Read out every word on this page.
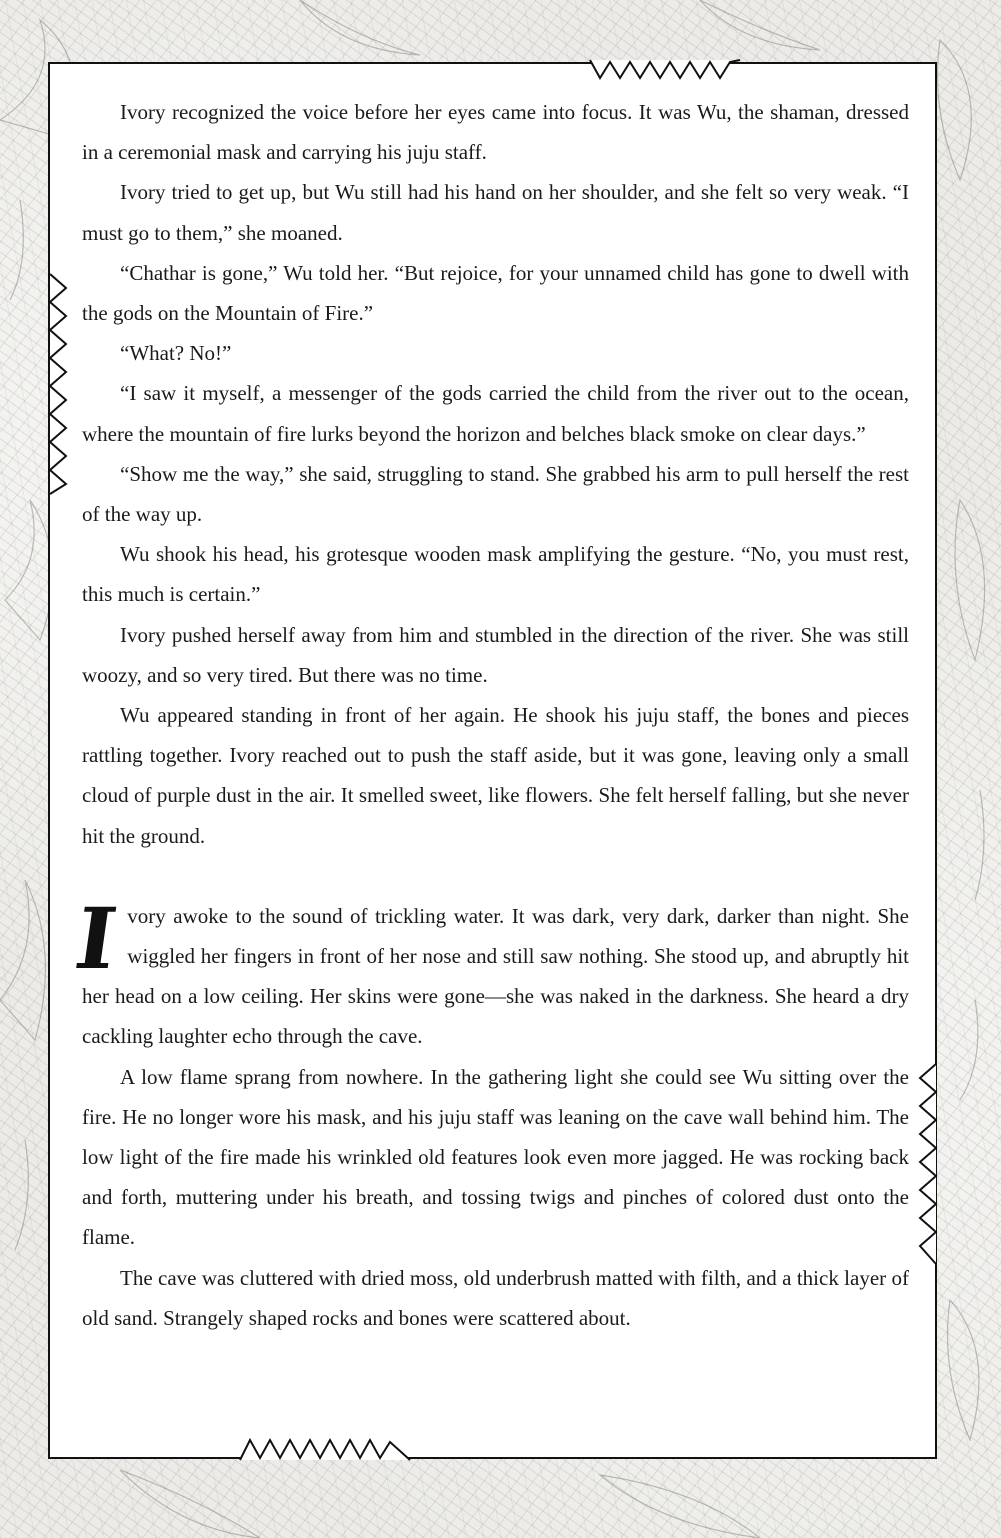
Ivory recognized the voice before her eyes came into focus. It was Wu, the shaman, dressed in a ceremonial mask and carrying his juju staff.

Ivory tried to get up, but Wu still had his hand on her shoulder, and she felt so very weak. “I must go to them,” she moaned.

“Chathar is gone,” Wu told her. “But rejoice, for your unnamed child has gone to dwell with the gods on the Mountain of Fire.”

“What? No!”

“I saw it myself, a messenger of the gods carried the child from the river out to the ocean, where the mountain of fire lurks beyond the horizon and belches black smoke on clear days.”

“Show me the way,” she said, struggling to stand. She grabbed his arm to pull herself the rest of the way up.

Wu shook his head, his grotesque wooden mask amplifying the gesture. “No, you must rest, this much is certain.”

Ivory pushed herself away from him and stumbled in the direction of the river. She was still woozy, and so very tired. But there was no time.

Wu appeared standing in front of her again. He shook his juju staff, the bones and pieces rattling together. Ivory reached out to push the staff aside, but it was gone, leaving only a small cloud of purple dust in the air. It smelled sweet, like flowers. She felt herself falling, but she never hit the ground.

Ivory awoke to the sound of trickling water. It was dark, very dark, darker than night. She wiggled her fingers in front of her nose and still saw nothing. She stood up, and abruptly hit her head on a low ceiling. Her skins were gone—she was naked in the darkness. She heard a dry cackling laughter echo through the cave.

A low flame sprang from nowhere. In the gathering light she could see Wu sitting over the fire. He no longer wore his mask, and his juju staff was leaning on the cave wall behind him. The low light of the fire made his wrinkled old features look even more jagged. He was rocking back and forth, muttering under his breath, and tossing twigs and pinches of colored dust onto the flame.

The cave was cluttered with dried moss, old underbrush matted with filth, and a thick layer of old sand. Strangely shaped rocks and bones were scattered about.
